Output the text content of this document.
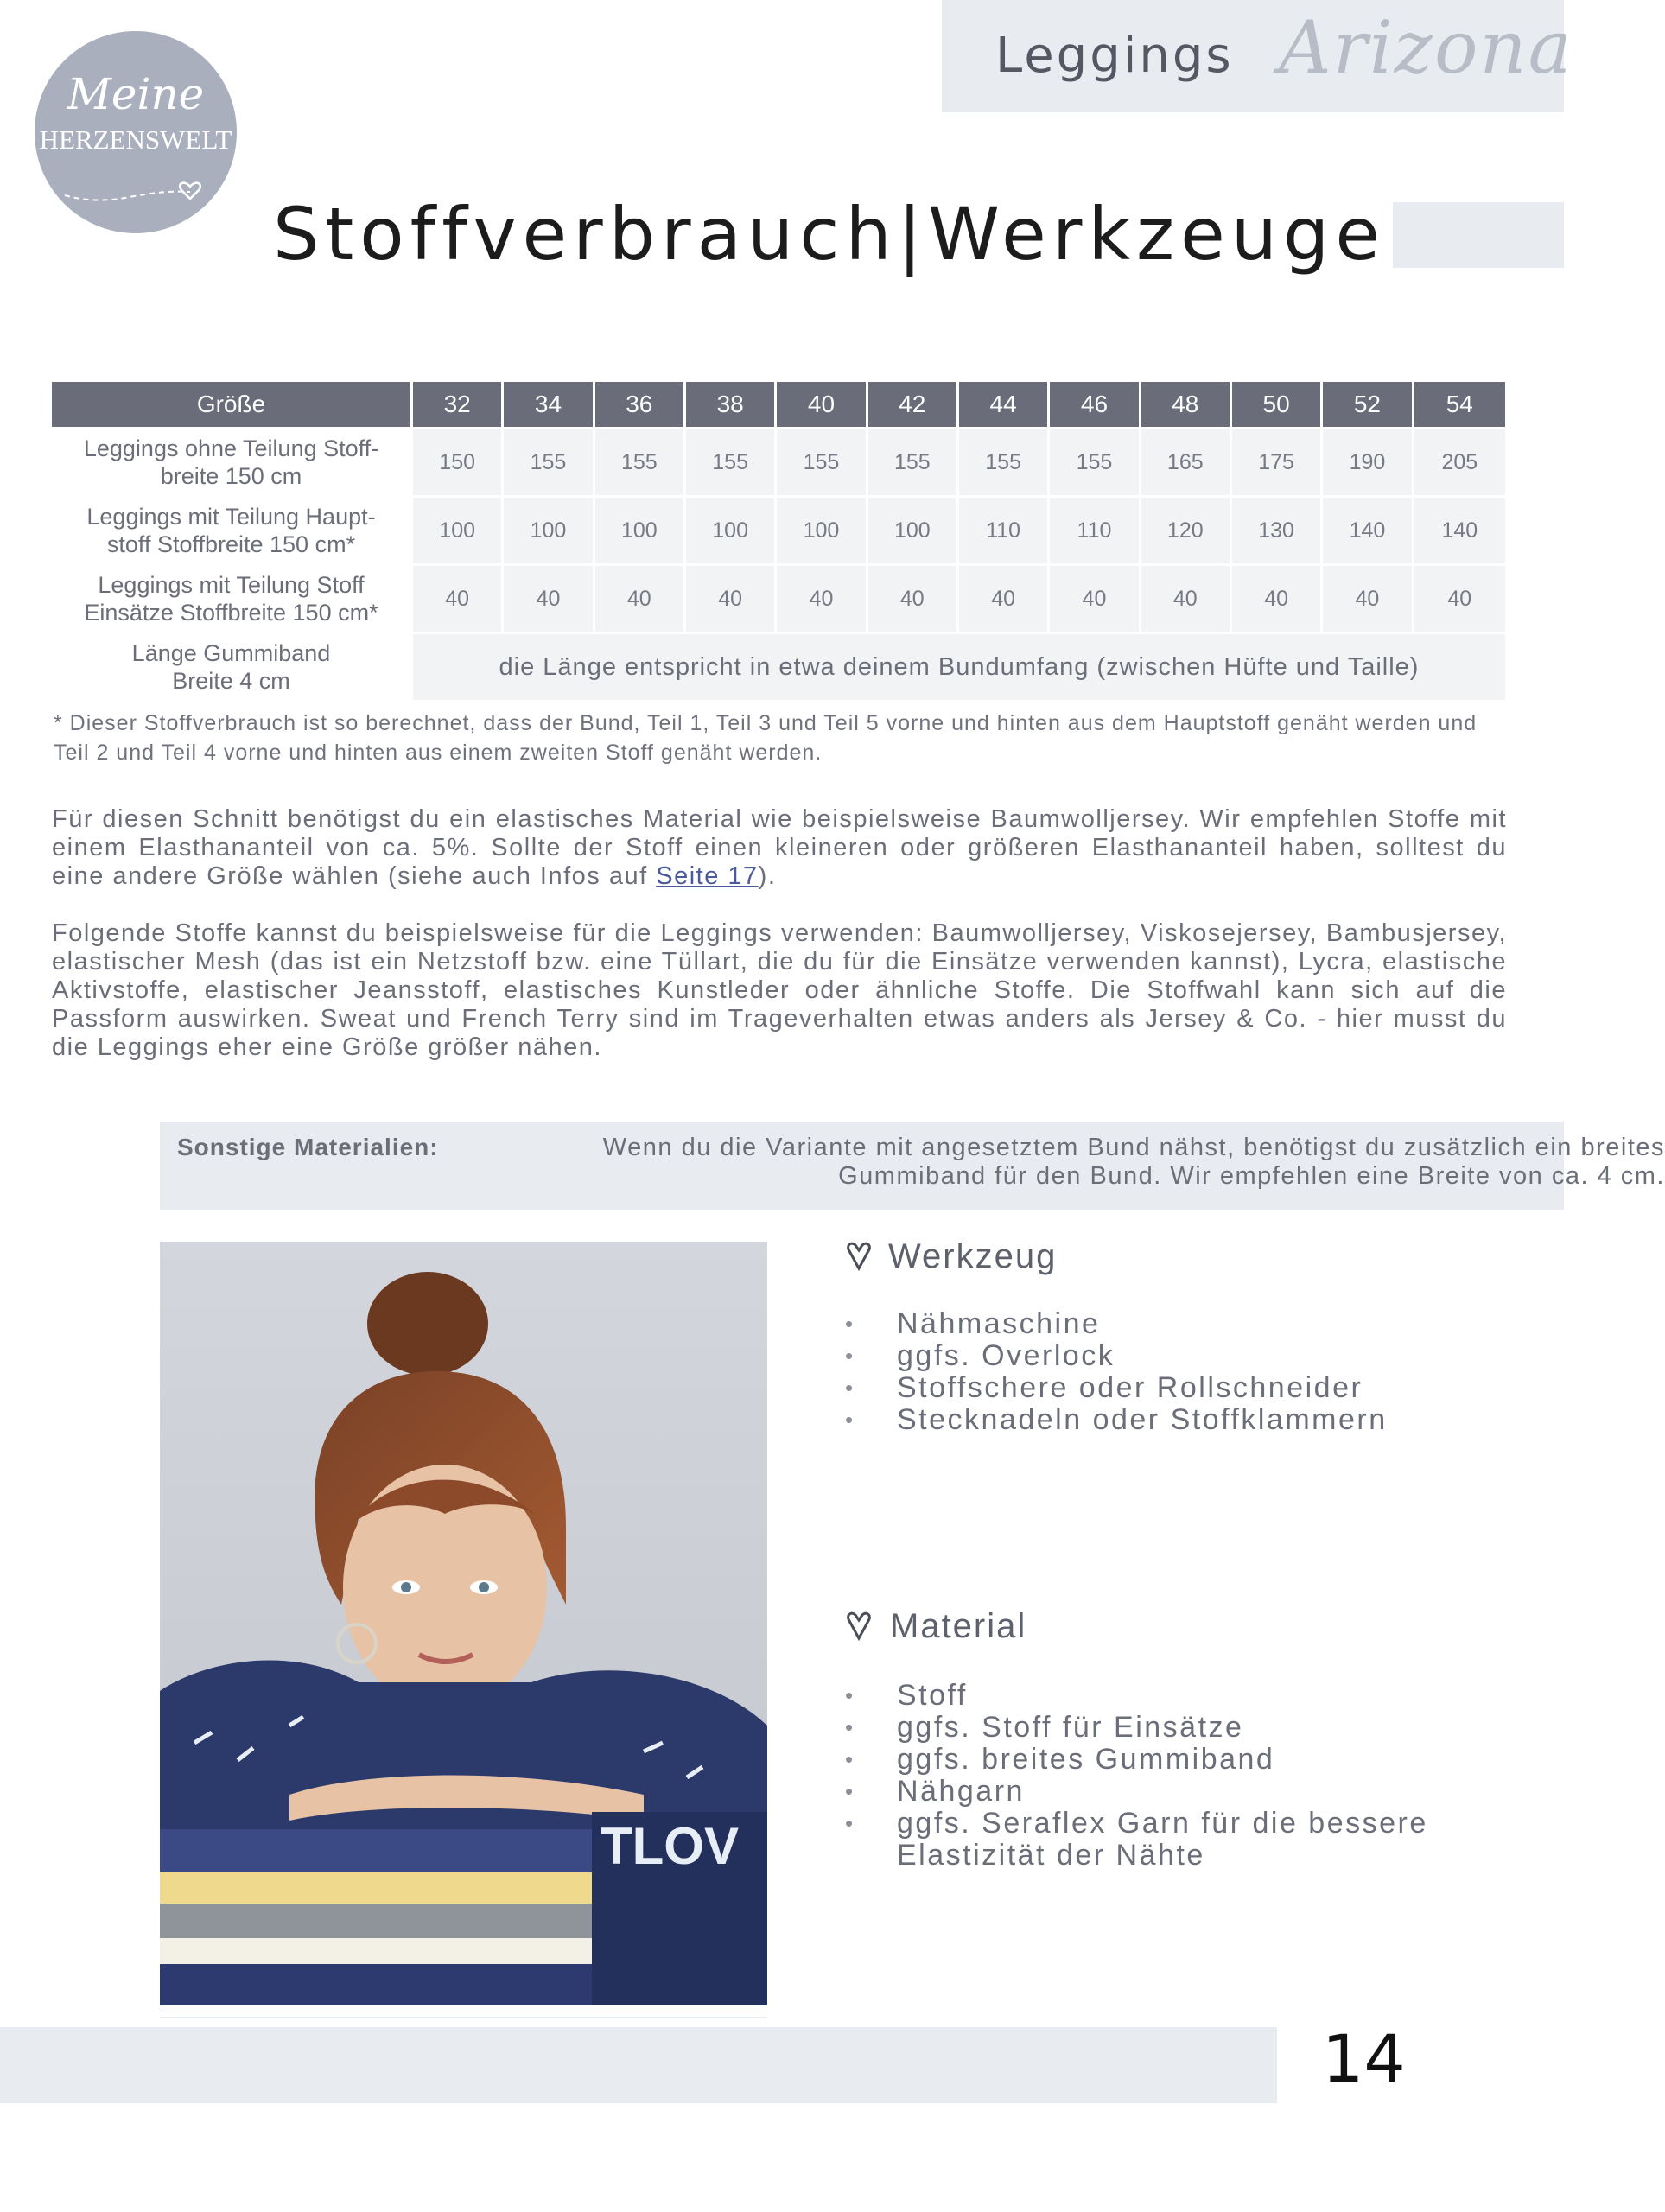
Meine
HERZENSWELT
Leggings Arizona
Stoffverbrauch|Werkzeuge
Größe	32	34	36	38	40	42	44	46	48	50	52	54
Leggings ohne Teilung Stoff-
breite 150 cm	150	155	155	155	155	155	155	155	165	175	190	205
Leggings mit Teilung Haupt-
stoff Stoffbreite 150 cm*	100	100	100	100	100	100	110	110	120	130	140	140
Leggings mit Teilung Stoff
Einsätze Stoffbreite 150 cm*	40	40	40	40	40	40	40	40	40	40	40	40
Länge Gummiband
Breite 4 cm	die Länge entspricht in etwa deinem Bundumfang (zwischen Hüfte und Taille)											
* Dieser Stoffverbrauch ist so berechnet, dass der Bund, Teil 1, Teil 3 und Teil 5 vorne und hinten aus dem Hauptstoff genäht werden und Teil 2 und Teil 4 vorne und hinten aus einem zweiten Stoff genäht werden.
Für diesen Schnitt benötigst du ein elastisches Material wie beispielsweise Baumwolljersey. Wir empfehlen Stoffe mit einem Elasthananteil von ca. 5%. Sollte der Stoff einen kleineren oder größeren Elasthananteil haben, solltest du eine andere Größe wählen (siehe auch Infos auf Seite 17).
Folgende Stoffe kannst du beispielsweise für die Leggings verwenden: Baumwolljersey, Viskosejersey, Bambusjersey, elastischer Mesh (das ist ein Netzstoff bzw. eine Tüllart, die du für die Einsätze verwenden kannst), Lycra, elastische Aktivstoffe, elastischer Jeansstoff, elastisches Kunstleder oder ähnliche Stoffe. Die Stoffwahl kann sich auf die Passform auswirken. Sweat und French Terry sind im Trageverhalten etwas anders als Jersey & Co. - hier musst du die Leggings eher eine Größe größer nähen.
Sonstige Materialien:	Wenn du die Variante mit angesetztem Bund nähst, benötigst du zusätzlich ein breites Gummiband für den Bund. Wir empfehlen eine Breite von ca. 4 cm.
TLOV
Werkzeug
• Nähmaschine
• ggfs. Overlock
• Stoffschere oder Rollschneider
• Stecknadeln oder Stoffklammern
Material
• Stoff
• ggfs. Stoff für Einsätze
• ggfs. breites Gummiband
• Nähgarn
• ggfs. Seraflex Garn für die bessere Elastizität der Nähte
14
